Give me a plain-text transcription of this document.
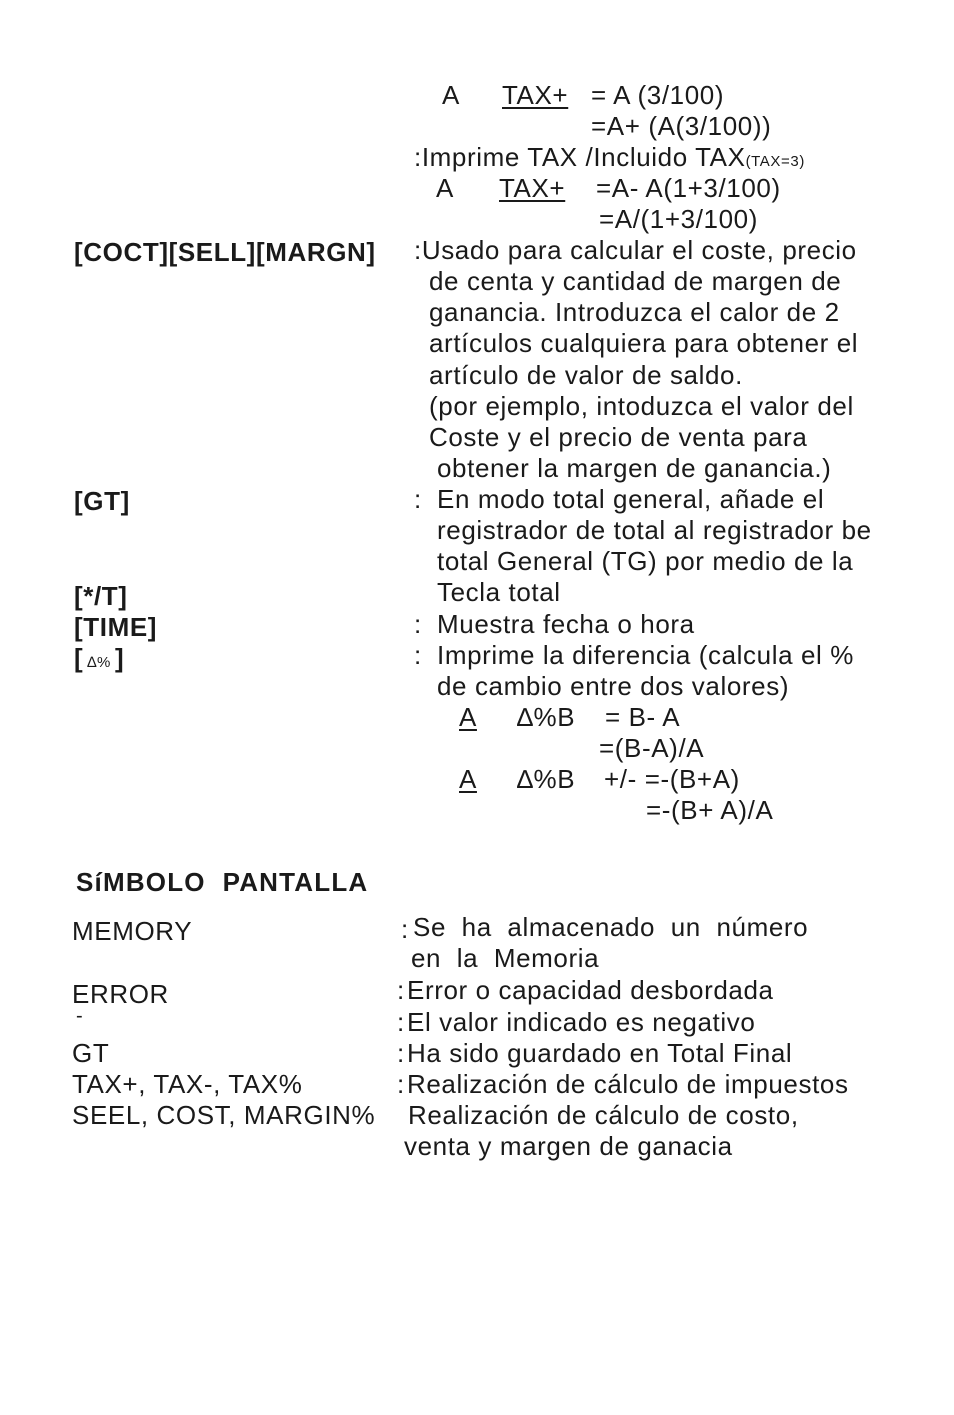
A TAX+ = A (3/100)
=A+ (A(3/100))
:Imprime TAX /Incluido TAX(TAX=3)
A TAX+ =A- A(1+3/100)
=A/(1+3/100)
[COCT][SELL][MARGN] :Usado para calcular el coste, precio
de centa y cantidad de margen de
ganancia. Introduzca el calor de 2
artículos cualquiera para obtener el
artículo de valor de saldo.
(por ejemplo, intoduzca el valor del
Coste y el precio de venta para
obtener la margen de ganancia.)
[GT]	: En modo total general, añade el
registrador de total al registrador be
total General (TG) por medio de la
Tecla total
[*/T]
[TIME]	: Muestra fecha o hora
[ ∆% ]	: Imprime la diferencia (calcula el %
de cambio entre dos valores)
A ∆%B = B- A
=(B-A)/A
A ∆%B +/- =-(B+A)
=-(B+ A)/A
SíMBOLO  PANTALLA
MEMORY	: Se  ha  almacenado  un  número
en  la  Memoria
ERROR	: Error o capacidad desbordada
-	: El valor indicado es negativo
GT	: Ha sido guardado en Total Final
TAX+, TAX-, TAX%	: Realización de cálculo de impuestos
SEEL, COST, MARGIN% Realización de cálculo de costo,
venta y margen de ganacia
